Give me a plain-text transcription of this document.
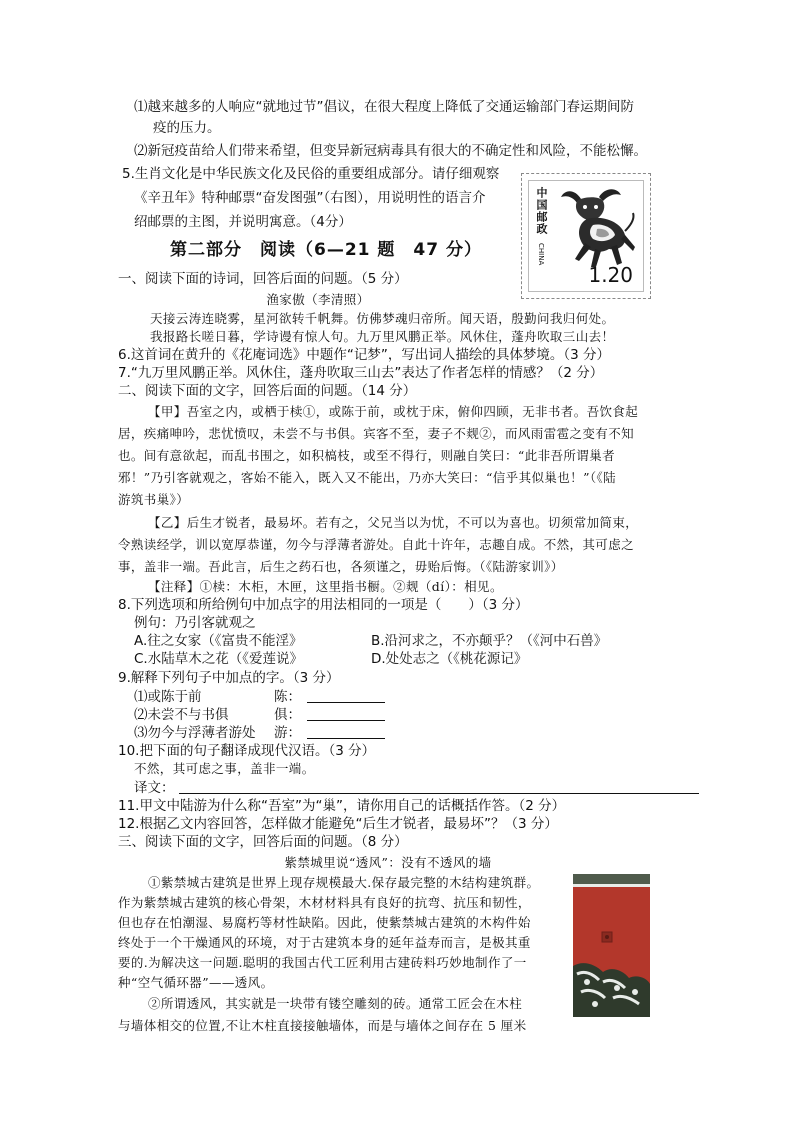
⑴越来越多的人响应“就地过节”倡议，在很大程度上降低了交通运输部门春运期间防
疫的压力。
⑵新冠疫苗给人们带来希望，但变异新冠病毒具有很大的不确定性和风险，不能松懈。
5.生肖文化是中华民族文化及民俗的重要组成部分。请仔细观察
《辛丑年》特种邮票“奋发图强”（右图），用说明性的语言介
绍邮票的主图，并说明寓意。（4分）	中国邮政
CHINA
1.20
第二部分　阅读（6—21 题　47 分）
一、阅读下面的诗词，回答后面的问题。（5 分）
渔家傲（李清照）
天接云涛连晓雾，星河欲转千帆舞。仿佛梦魂归帝所。闻天语，殷勤问我归何处。
我报路长嗟日暮，学诗谩有惊人句。九万里风鹏正举。风休住，蓬舟吹取三山去！
6.这首词在黄升的《花庵词选》中题作“记梦”，写出词人描绘的具体梦境。（3 分）
7.“九万里风鹏正举。风休住，蓬舟吹取三山去”表达了作者怎样的情感？（2 分）
二、阅读下面的文字，回答后面的问题。（14 分）
【甲】吾室之内，或栖于椟①，或陈于前，或枕于床，俯仰四顾，无非书者。吾饮食起
居，疾痛呻吟，悲忧愤叹，未尝不与书俱。宾客不至，妻子不觌②，而风雨雷雹之变有不知
也。间有意欲起，而乱书围之，如积槁枝，或至不得行，则融自笑曰：“此非吾所谓巢者
邪！”乃引客就观之，客始不能入，既入又不能出，乃亦大笑曰：“信乎其似巢也！”（《陆
游筑书巢》）
【乙】后生才锐者，最易坏。若有之，父兄当以为忧，不可以为喜也。切须常加简束，
令熟读经学，训以宽厚恭谨，勿今与浮薄者游处。自此十许年，志趣自成。不然，其可虑之
事，盖非一端。吾此言，后生之药石也，各须谨之，毋贻后悔。（《陆游家训》）
【注释】①椟：木柜，木匣，这里指书橱。②觌（dí）：相见。
8.下列选项和所给例句中加点字的用法相同的一项是（　　）（3 分）
例句：乃引客就观之
A.往之女家（《富贵不能淫》	B.沿河求之，不亦颠乎？（《河中石兽》
C.水陆草木之花（《爱莲说》	D.处处志之（《桃花源记》
9.解释下列句子中加点的字。（3 分）
⑴或陈于前	陈：
⑵未尝不与书俱	俱：
⑶勿今与浮薄者游处 游：
10.把下面的句子翻译成现代汉语。（3 分）
不然，其可虑之事，盖非一端。
译文：
11.甲文中陆游为什么称“吾室”为“巢”，请你用自己的话概括作答。（2 分）
12.根据乙文内容回答，怎样做才能避免“后生才锐者，最易坏”？（3 分）
三、阅读下面的文字，回答后面的问题。（8 分）
紫禁城里说“透风”：没有不透风的墙
①紫禁城古建筑是世界上现存规模最大.保存最完整的木结构建筑群。
作为紫禁城古建筑的核心骨架，木材材料具有良好的抗弯、抗压和韧性，
但也存在怕潮湿、易腐朽等材性缺陷。因此，使紫禁城古建筑的木构件始
终处于一个干燥通风的环境，对于古建筑本身的延年益寿而言，是极其重
要的.为解决这一问题.聪明的我国古代工匠利用古建砖料巧妙地制作了一
种“空气循环器”——透风。
②所谓透风，其实就是一块带有镂空雕刻的砖。通常工匠会在木柱
与墙体相交的位置,不让木柱直接接触墙体，而是与墙体之间存在 5 厘米
